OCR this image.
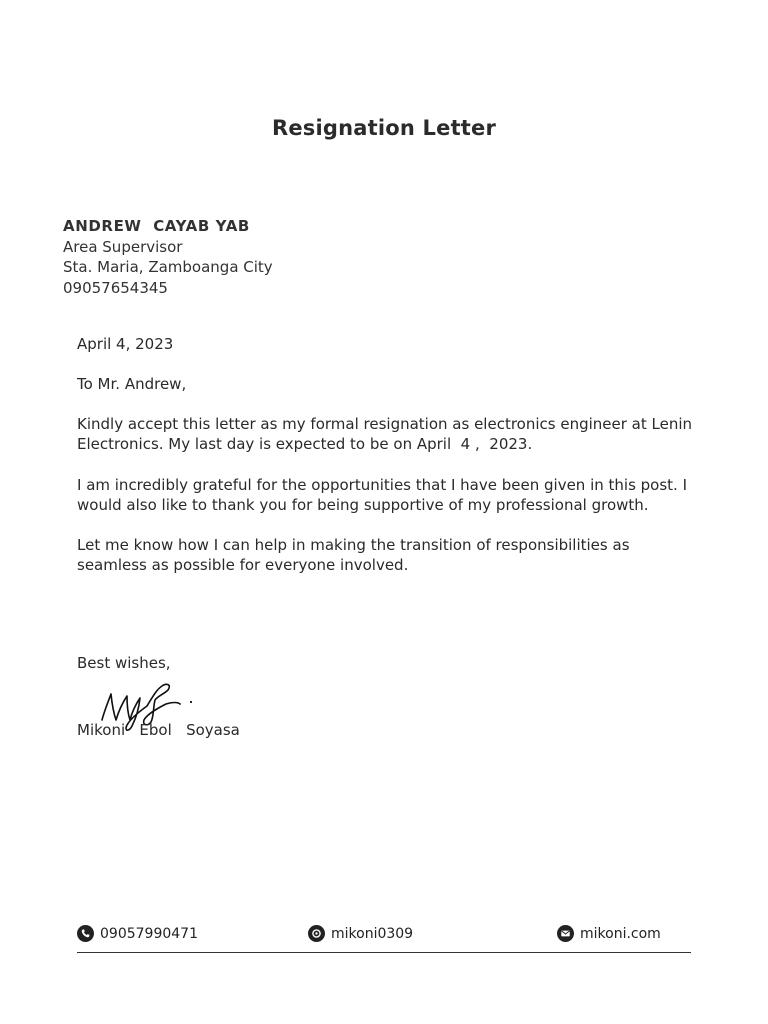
Resignation Letter
ANDREW  CAYAB YAB
Area Supervisor
Sta. Maria, Zamboanga City
09057654345
April 4, 2023
To Mr. Andrew,
Kindly accept this letter as my formal resignation as electronics engineer at Lenin Electronics. My last day is expected to be on April  4 ,  2023.
I am incredibly grateful for the opportunities that I have been given in this post. I would also like to thank you for being supportive of my professional growth.
Let me know how I can help in making the transition of responsibilities as seamless as possible for everyone involved.
Best wishes,
Mikoni   Ebol   Soyasa
09057990471	mikoni0309	mikoni.com
